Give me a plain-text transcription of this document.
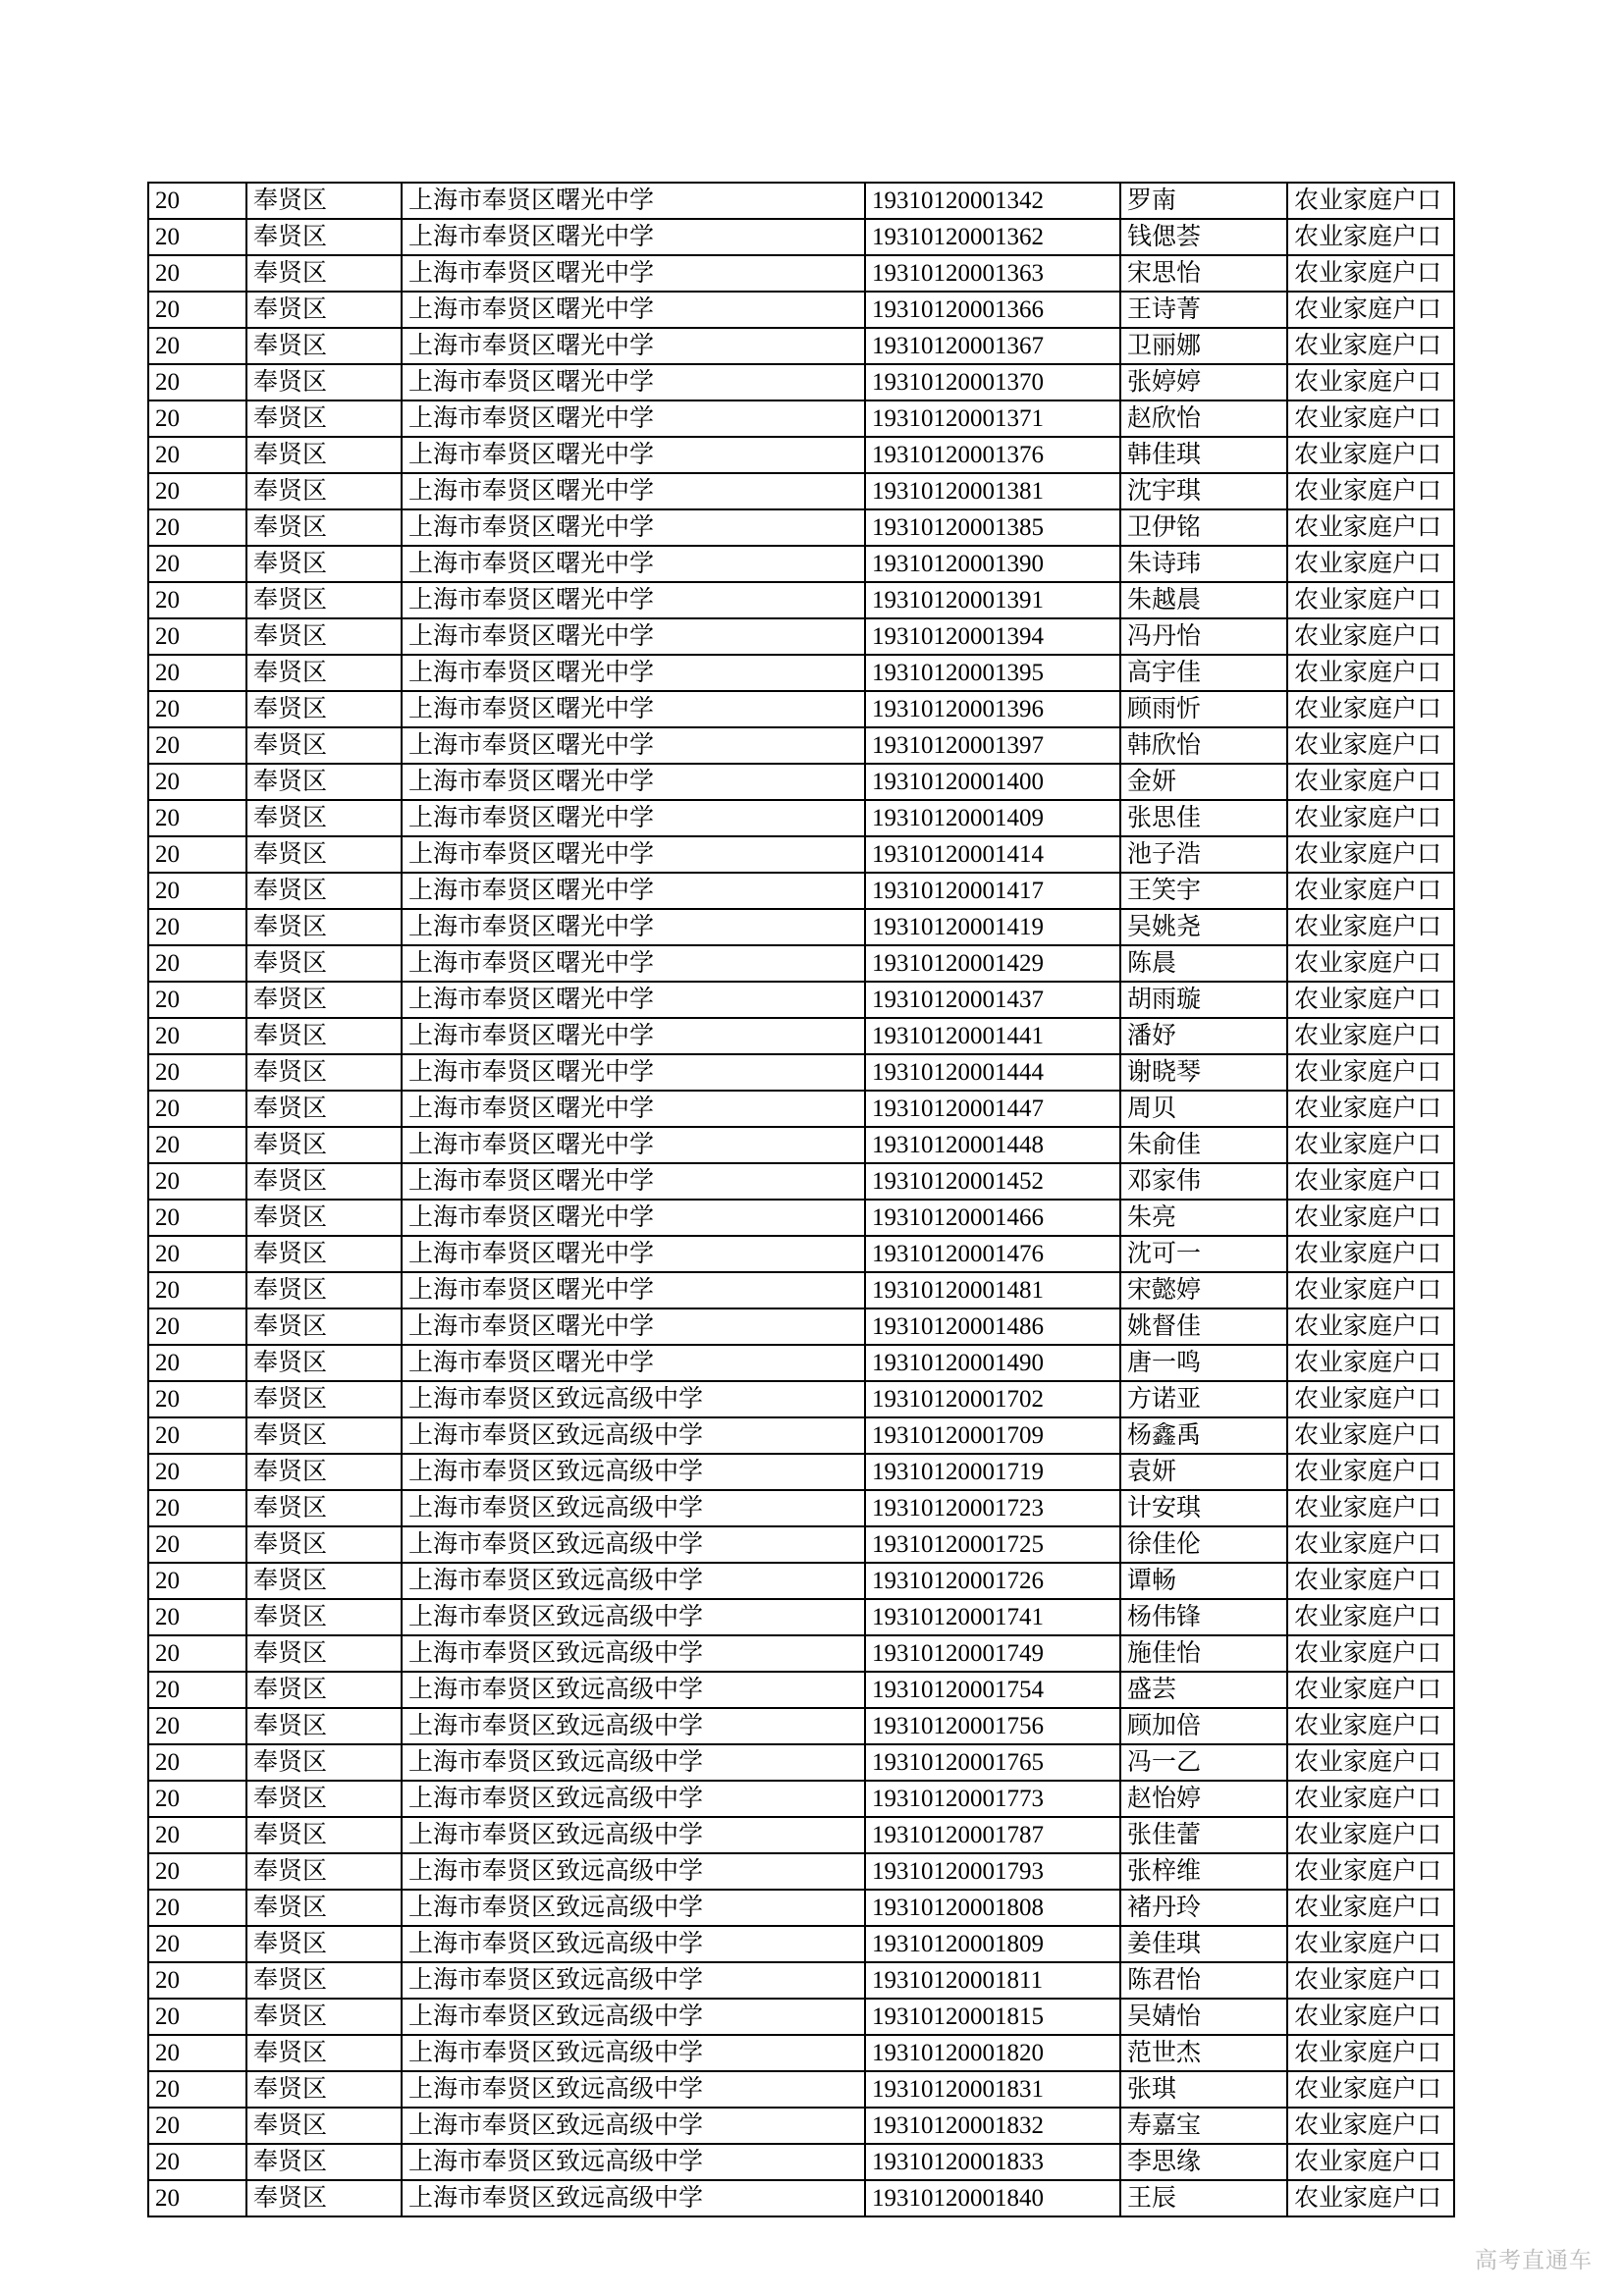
20	奉贤区	上海市奉贤区曙光中学	19310120001342	罗南	农业家庭户口
20	奉贤区	上海市奉贤区曙光中学	19310120001362	钱偲荟	农业家庭户口
20	奉贤区	上海市奉贤区曙光中学	19310120001363	宋思怡	农业家庭户口
20	奉贤区	上海市奉贤区曙光中学	19310120001366	王诗菁	农业家庭户口
20	奉贤区	上海市奉贤区曙光中学	19310120001367	卫丽娜	农业家庭户口
20	奉贤区	上海市奉贤区曙光中学	19310120001370	张婷婷	农业家庭户口
20	奉贤区	上海市奉贤区曙光中学	19310120001371	赵欣怡	农业家庭户口
20	奉贤区	上海市奉贤区曙光中学	19310120001376	韩佳琪	农业家庭户口
20	奉贤区	上海市奉贤区曙光中学	19310120001381	沈宇琪	农业家庭户口
20	奉贤区	上海市奉贤区曙光中学	19310120001385	卫伊铭	农业家庭户口
20	奉贤区	上海市奉贤区曙光中学	19310120001390	朱诗玮	农业家庭户口
20	奉贤区	上海市奉贤区曙光中学	19310120001391	朱越晨	农业家庭户口
20	奉贤区	上海市奉贤区曙光中学	19310120001394	冯丹怡	农业家庭户口
20	奉贤区	上海市奉贤区曙光中学	19310120001395	高宇佳	农业家庭户口
20	奉贤区	上海市奉贤区曙光中学	19310120001396	顾雨忻	农业家庭户口
20	奉贤区	上海市奉贤区曙光中学	19310120001397	韩欣怡	农业家庭户口
20	奉贤区	上海市奉贤区曙光中学	19310120001400	金妍	农业家庭户口
20	奉贤区	上海市奉贤区曙光中学	19310120001409	张思佳	农业家庭户口
20	奉贤区	上海市奉贤区曙光中学	19310120001414	池子浩	农业家庭户口
20	奉贤区	上海市奉贤区曙光中学	19310120001417	王笑宇	农业家庭户口
20	奉贤区	上海市奉贤区曙光中学	19310120001419	吴姚尧	农业家庭户口
20	奉贤区	上海市奉贤区曙光中学	19310120001429	陈晨	农业家庭户口
20	奉贤区	上海市奉贤区曙光中学	19310120001437	胡雨璇	农业家庭户口
20	奉贤区	上海市奉贤区曙光中学	19310120001441	潘妤	农业家庭户口
20	奉贤区	上海市奉贤区曙光中学	19310120001444	谢晓琴	农业家庭户口
20	奉贤区	上海市奉贤区曙光中学	19310120001447	周贝	农业家庭户口
20	奉贤区	上海市奉贤区曙光中学	19310120001448	朱俞佳	农业家庭户口
20	奉贤区	上海市奉贤区曙光中学	19310120001452	邓家伟	农业家庭户口
20	奉贤区	上海市奉贤区曙光中学	19310120001466	朱亮	农业家庭户口
20	奉贤区	上海市奉贤区曙光中学	19310120001476	沈可一	农业家庭户口
20	奉贤区	上海市奉贤区曙光中学	19310120001481	宋懿婷	农业家庭户口
20	奉贤区	上海市奉贤区曙光中学	19310120001486	姚督佳	农业家庭户口
20	奉贤区	上海市奉贤区曙光中学	19310120001490	唐一鸣	农业家庭户口
20	奉贤区	上海市奉贤区致远高级中学	19310120001702	方诺亚	农业家庭户口
20	奉贤区	上海市奉贤区致远高级中学	19310120001709	杨鑫禹	农业家庭户口
20	奉贤区	上海市奉贤区致远高级中学	19310120001719	袁妍	农业家庭户口
20	奉贤区	上海市奉贤区致远高级中学	19310120001723	计安琪	农业家庭户口
20	奉贤区	上海市奉贤区致远高级中学	19310120001725	徐佳伦	农业家庭户口
20	奉贤区	上海市奉贤区致远高级中学	19310120001726	谭畅	农业家庭户口
20	奉贤区	上海市奉贤区致远高级中学	19310120001741	杨伟锋	农业家庭户口
20	奉贤区	上海市奉贤区致远高级中学	19310120001749	施佳怡	农业家庭户口
20	奉贤区	上海市奉贤区致远高级中学	19310120001754	盛芸	农业家庭户口
20	奉贤区	上海市奉贤区致远高级中学	19310120001756	顾加倍	农业家庭户口
20	奉贤区	上海市奉贤区致远高级中学	19310120001765	冯一乙	农业家庭户口
20	奉贤区	上海市奉贤区致远高级中学	19310120001773	赵怡婷	农业家庭户口
20	奉贤区	上海市奉贤区致远高级中学	19310120001787	张佳蕾	农业家庭户口
20	奉贤区	上海市奉贤区致远高级中学	19310120001793	张梓维	农业家庭户口
20	奉贤区	上海市奉贤区致远高级中学	19310120001808	褚丹玲	农业家庭户口
20	奉贤区	上海市奉贤区致远高级中学	19310120001809	姜佳琪	农业家庭户口
20	奉贤区	上海市奉贤区致远高级中学	19310120001811	陈君怡	农业家庭户口
20	奉贤区	上海市奉贤区致远高级中学	19310120001815	吴婧怡	农业家庭户口
20	奉贤区	上海市奉贤区致远高级中学	19310120001820	范世杰	农业家庭户口
20	奉贤区	上海市奉贤区致远高级中学	19310120001831	张琪	农业家庭户口
20	奉贤区	上海市奉贤区致远高级中学	19310120001832	寿嘉宝	农业家庭户口
20	奉贤区	上海市奉贤区致远高级中学	19310120001833	李思缘	农业家庭户口
20	奉贤区	上海市奉贤区致远高级中学	19310120001840	王辰	农业家庭户口
高考直通车
